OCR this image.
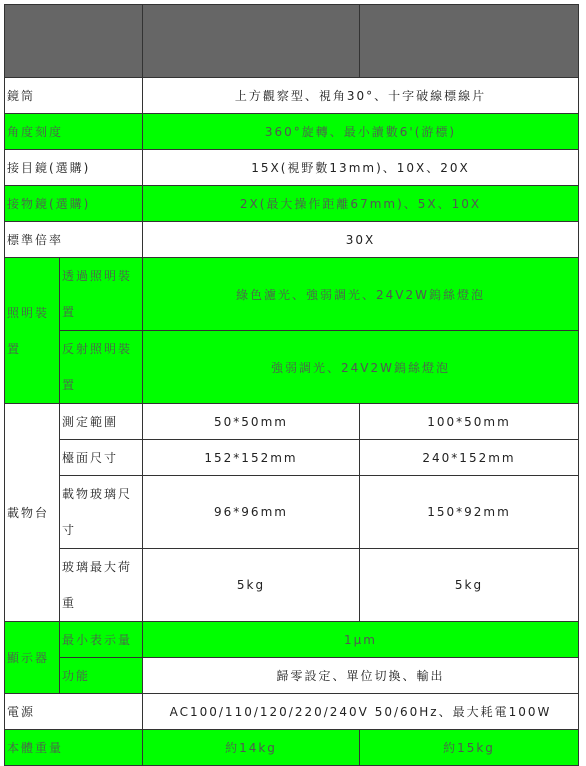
鏡筒		上方觀察型、視角30°、十字破線標線片	
角度刻度		360°旋轉、最小讀數6'(游標)	
接目鏡(選購)		15X(視野數13mm)、10X、20X	
接物鏡(選購)		2X(最大操作距離67mm)、5X、10X	
標準倍率		30X	
照明裝置	透過照明裝置	綠色濾光、強弱調光、24V2W鎢絲燈泡	
	反射照明裝置	強弱調光、24V2W鎢絲燈泡	
載物台	測定範圍	50*50mm	100*50mm
	檯面尺寸	152*152mm	240*152mm
	載物玻璃尺寸	96*96mm	150*92mm
	玻璃最大荷重	5kg	5kg
顯示器	最小表示量	1μm	
	功能	歸零設定、單位切換、輸出	
電源		AC100/110/120/220/240V 50/60Hz、最大耗電100W	
本體重量		約14kg	約15kg
